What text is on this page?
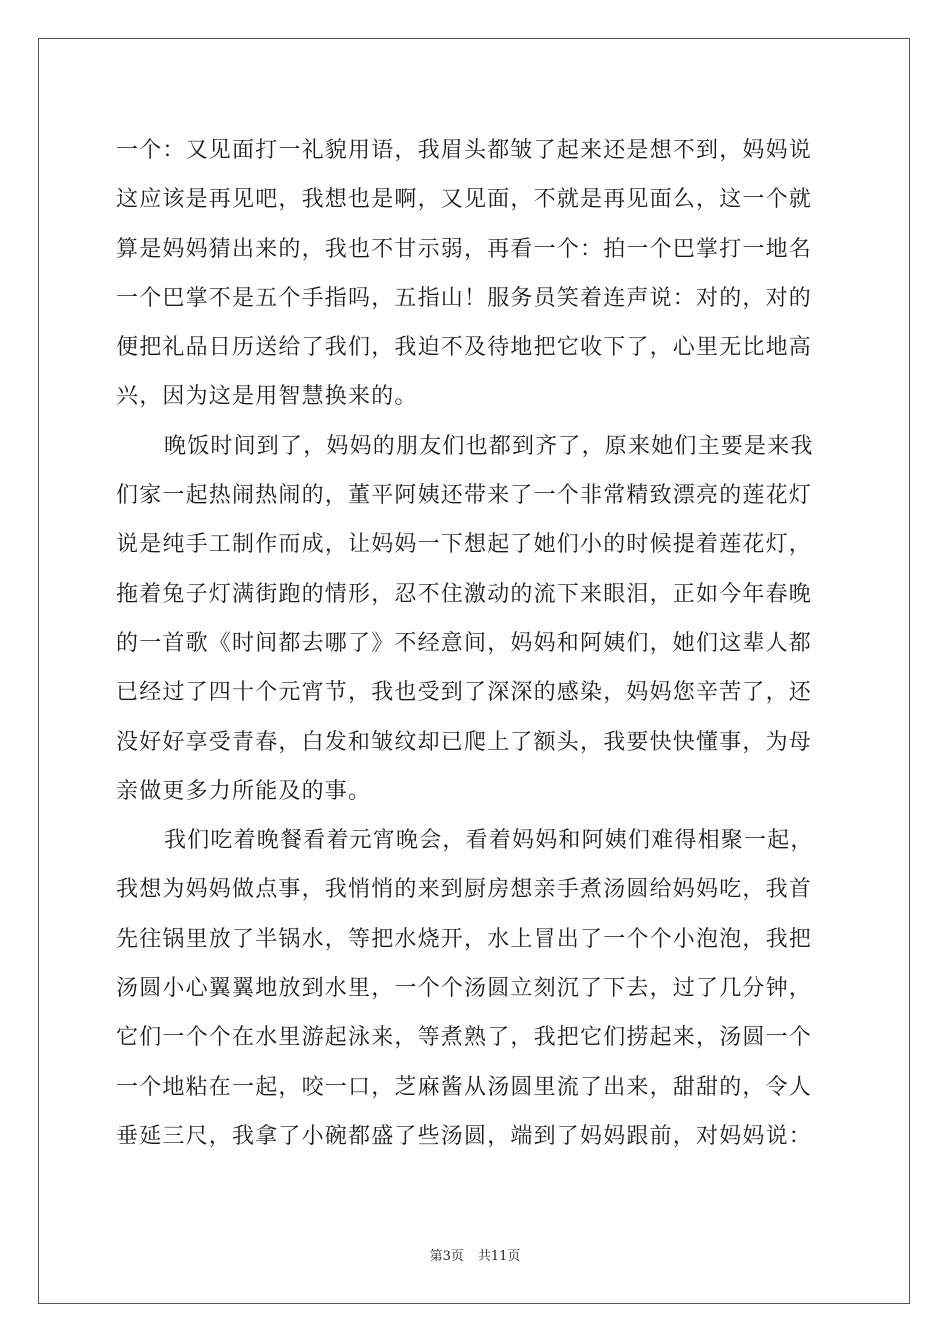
一个：又见面打一礼貌用语，我眉头都皱了起来还是想不到，妈妈说
这应该是再见吧，我想也是啊，又见面，不就是再见面么，这一个就
算是妈妈猜出来的，我也不甘示弱，再看一个：拍一个巴掌打一地名
一个巴掌不是五个手指吗，五指山！服务员笑着连声说：对的，对的
便把礼品日历送给了我们，我迫不及待地把它收下了，心里无比地高
兴，因为这是用智慧换来的。
晚饭时间到了，妈妈的朋友们也都到齐了，原来她们主要是来我
们家一起热闹热闹的，董平阿姨还带来了一个非常精致漂亮的莲花灯
说是纯手工制作而成，让妈妈一下想起了她们小的时候提着莲花灯，
拖着兔子灯满街跑的情形，忍不住激动的流下来眼泪，正如今年春晚
的一首歌《时间都去哪了》不经意间，妈妈和阿姨们，她们这辈人都
已经过了四十个元宵节，我也受到了深深的感染，妈妈您辛苦了，还
没好好享受青春，白发和皱纹却已爬上了额头，我要快快懂事，为母
亲做更多力所能及的事。
我们吃着晚餐看着元宵晚会，看着妈妈和阿姨们难得相聚一起，
我想为妈妈做点事，我悄悄的来到厨房想亲手煮汤圆给妈妈吃，我首
先往锅里放了半锅水，等把水烧开，水上冒出了一个个小泡泡，我把
汤圆小心翼翼地放到水里，一个个汤圆立刻沉了下去，过了几分钟，
它们一个个在水里游起泳来，等煮熟了，我把它们捞起来，汤圆一个
一个地粘在一起，咬一口，芝麻酱从汤圆里流了出来，甜甜的，令人
垂延三尺，我拿了小碗都盛了些汤圆，端到了妈妈跟前，对妈妈说：
第3页 共11页
